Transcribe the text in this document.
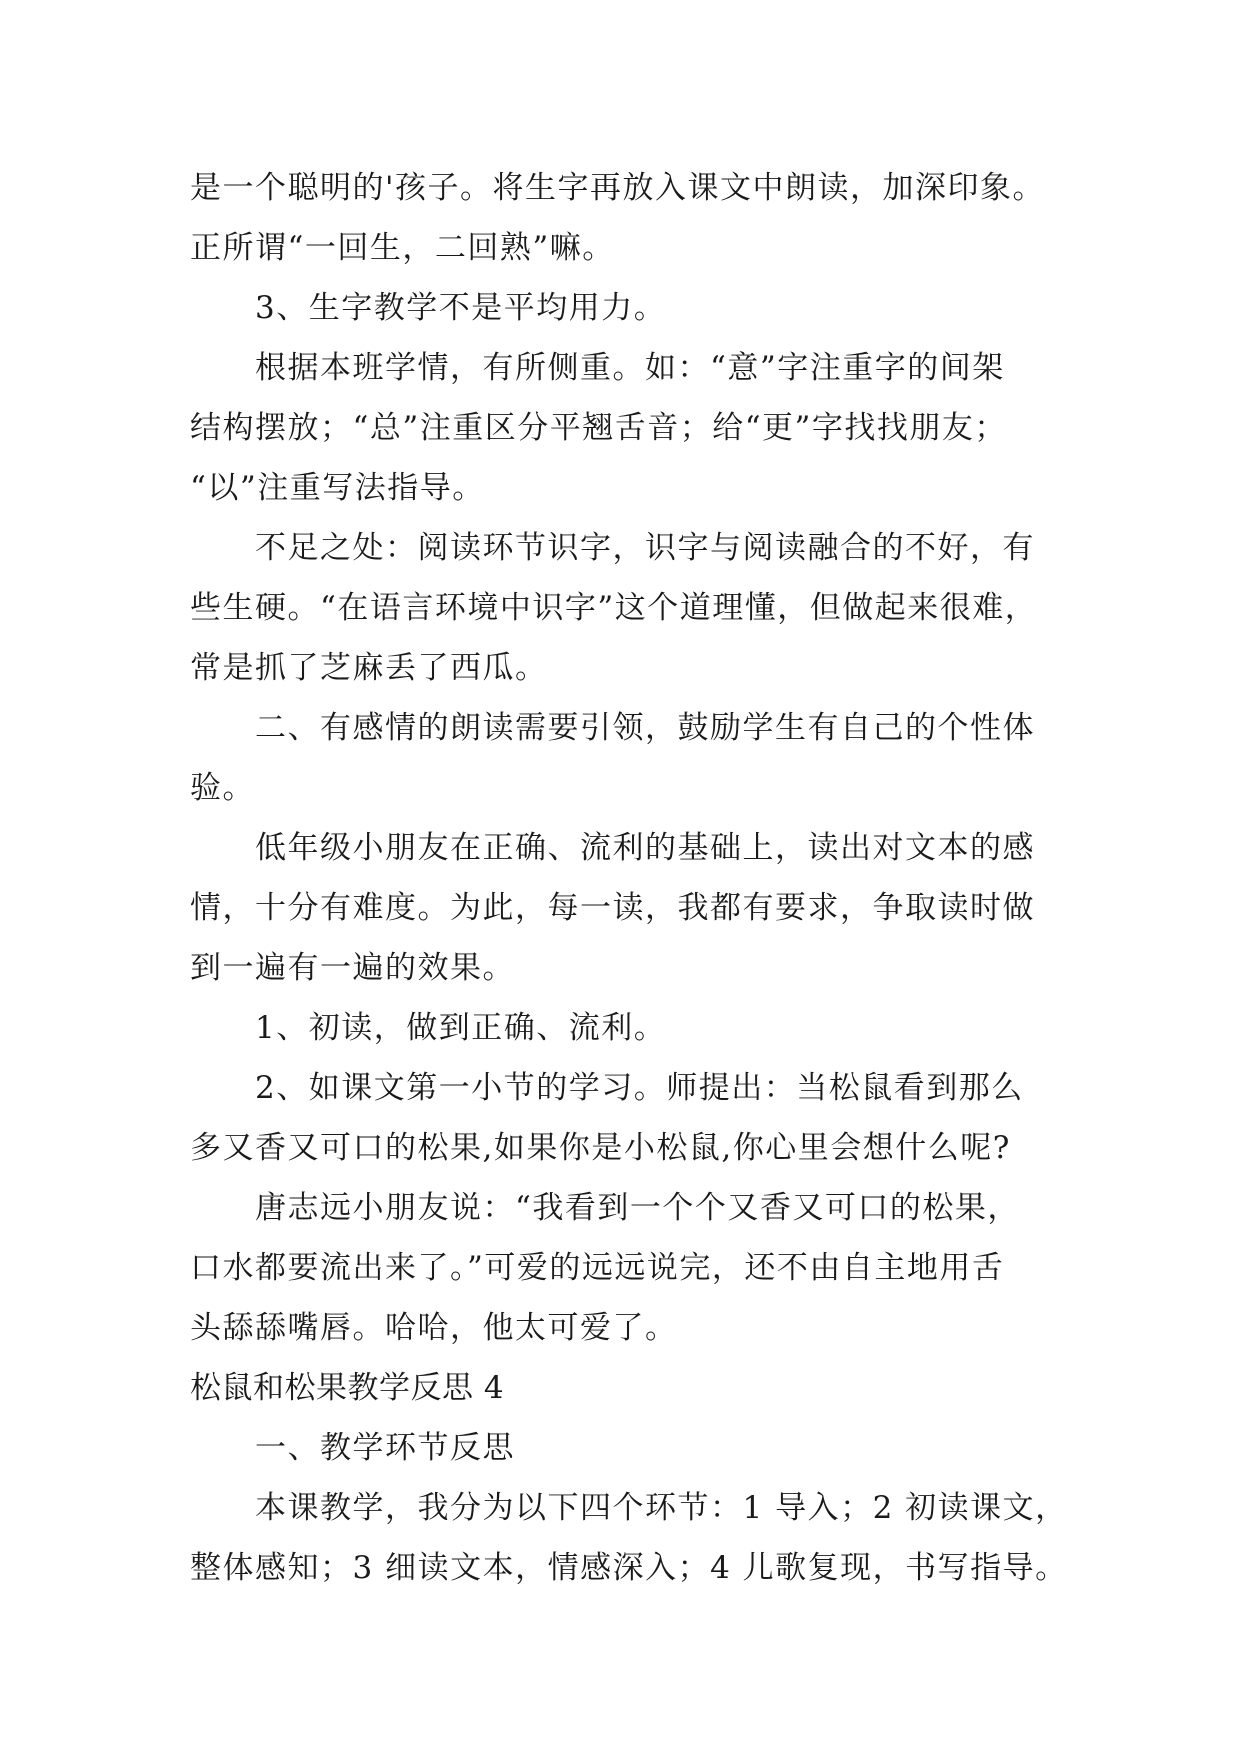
是一个聪明的'孩子。将生字再放入课文中朗读，加深印象。
正所谓“一回生，二回熟”嘛。
3、生字教学不是平均用力。
根据本班学情，有所侧重。如：“意”字注重字的间架
结构摆放；“总”注重区分平翘舌音；给“更”字找找朋友；
“以”注重写法指导。
不足之处：阅读环节识字，识字与阅读融合的不好，有
些生硬。“在语言环境中识字”这个道理懂，但做起来很难，
常是抓了芝麻丢了西瓜。
二、有感情的朗读需要引领，鼓励学生有自己的个性体
验。
低年级小朋友在正确、流利的基础上，读出对文本的感
情，十分有难度。为此，每一读，我都有要求，争取读时做
到一遍有一遍的效果。
1、初读，做到正确、流利。
2、如课文第一小节的学习。师提出：当松鼠看到那么
多又香又可口的松果,如果你是小松鼠,你心里会想什么呢?
唐志远小朋友说：“我看到一个个又香又可口的松果，
口水都要流出来了。”可爱的远远说完，还不由自主地用舌
头舔舔嘴唇。哈哈，他太可爱了。
松鼠和松果教学反思 4
一、教学环节反思
本课教学，我分为以下四个环节：1 导入；2 初读课文，
整体感知；3 细读文本，情感深入；4 儿歌复现，书写指导。
